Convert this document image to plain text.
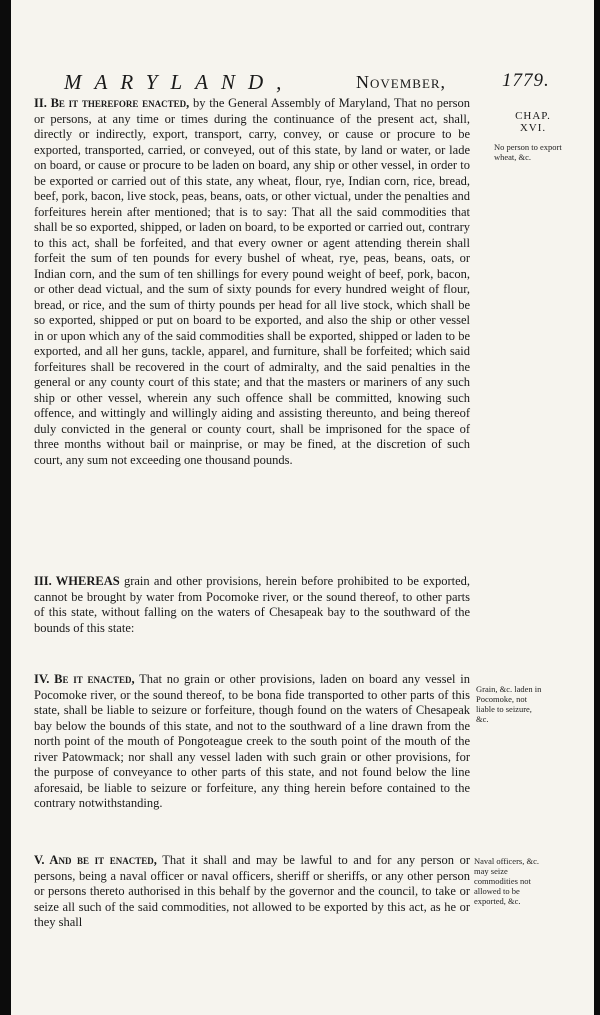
MARYLAND,	November,	1779.
CHAP.
XVI.
No person to export wheat, &c.
Grain, &c. laden in Pocomoke, not liable to seizure, &c.
Naval officers, &c. may seize commodities not allowed to be exported, &c.

II. Be it therefore enacted, by the General Assembly of Maryland, That no person or persons, at any time or times during the continuance of the present act, shall, directly or indirectly, export, transport, carry, convey, or cause or procure to be exported, transported, carried, or conveyed, out of this state, by land or water, or lade on board, or cause or procure to be laden on board, any ship or other vessel, in order to be exported or carried out of this state, any wheat, flour, rye, Indian corn, rice, bread, beef, pork, bacon, live stock, peas, beans, oats, or other victual, under the penalties and forfeitures herein after mentioned; that is to say: That all the said commodities that shall be so exported, shipped, or laden on board, to be exported or carried out, contrary to this act, shall be forfeited, and that every owner or agent attending therein shall forfeit the sum of ten pounds for every bushel of wheat, rye, peas, beans, oats, or Indian corn, and the sum of ten shillings for every pound weight of beef, pork, bacon, or other dead victual, and the sum of sixty pounds for every hundred weight of flour, bread, or rice, and the sum of thirty pounds per head for all live stock, which shall be so exported, shipped or put on board to be exported, and also the ship or other vessel in or upon which any of the said commodities shall be exported, shipped or laden to be exported, and all her guns, tackle, apparel, and furniture, shall be forfeited; which said forfeitures shall be recovered in the court of admiralty, and the said penalties in the general or any county court of this state; and that the masters or mariners of any such ship or other vessel, wherein any such offence shall be committed, knowing such offence, and wittingly and willingly aiding and assisting thereunto, and being thereof duly convicted in the general or county court, shall be imprisoned for the space of three months without bail or mainprise, or may be fined, at the discretion of such court, any sum not exceeding one thousand pounds.

III. WHEREAS grain and other provisions, herein before prohibited to be exported, cannot be brought by water from Pocomoke river, or the sound thereof, to other parts of this state, without falling on the waters of Chesapeak bay to the southward of the bounds of this state:

IV. Be it enacted, That no grain or other provisions, laden on board any vessel in Pocomoke river, or the sound thereof, to be bona fide transported to other parts of this state, shall be liable to seizure or forfeiture, though found on the waters of Chesapeak bay below the bounds of this state, and not to the southward of a line drawn from the north point of the mouth of Pongoteague creek to the south point of the mouth of the river Patowmack; nor shall any vessel laden with such grain or other provisions, for the purpose of conveyance to other parts of this state, and not found below the line aforesaid, be liable to seizure or forfeiture, any thing herein before contained to the contrary notwithstanding.

V. And be it enacted, That it shall and may be lawful to and for any person or persons, being a naval officer or naval officers, sheriff or sheriffs, or any other person or persons thereto authorised in this behalf by the governor and the council, to take or seize all such of the said commodities, not allowed to be exported by this act, as he or they shall
